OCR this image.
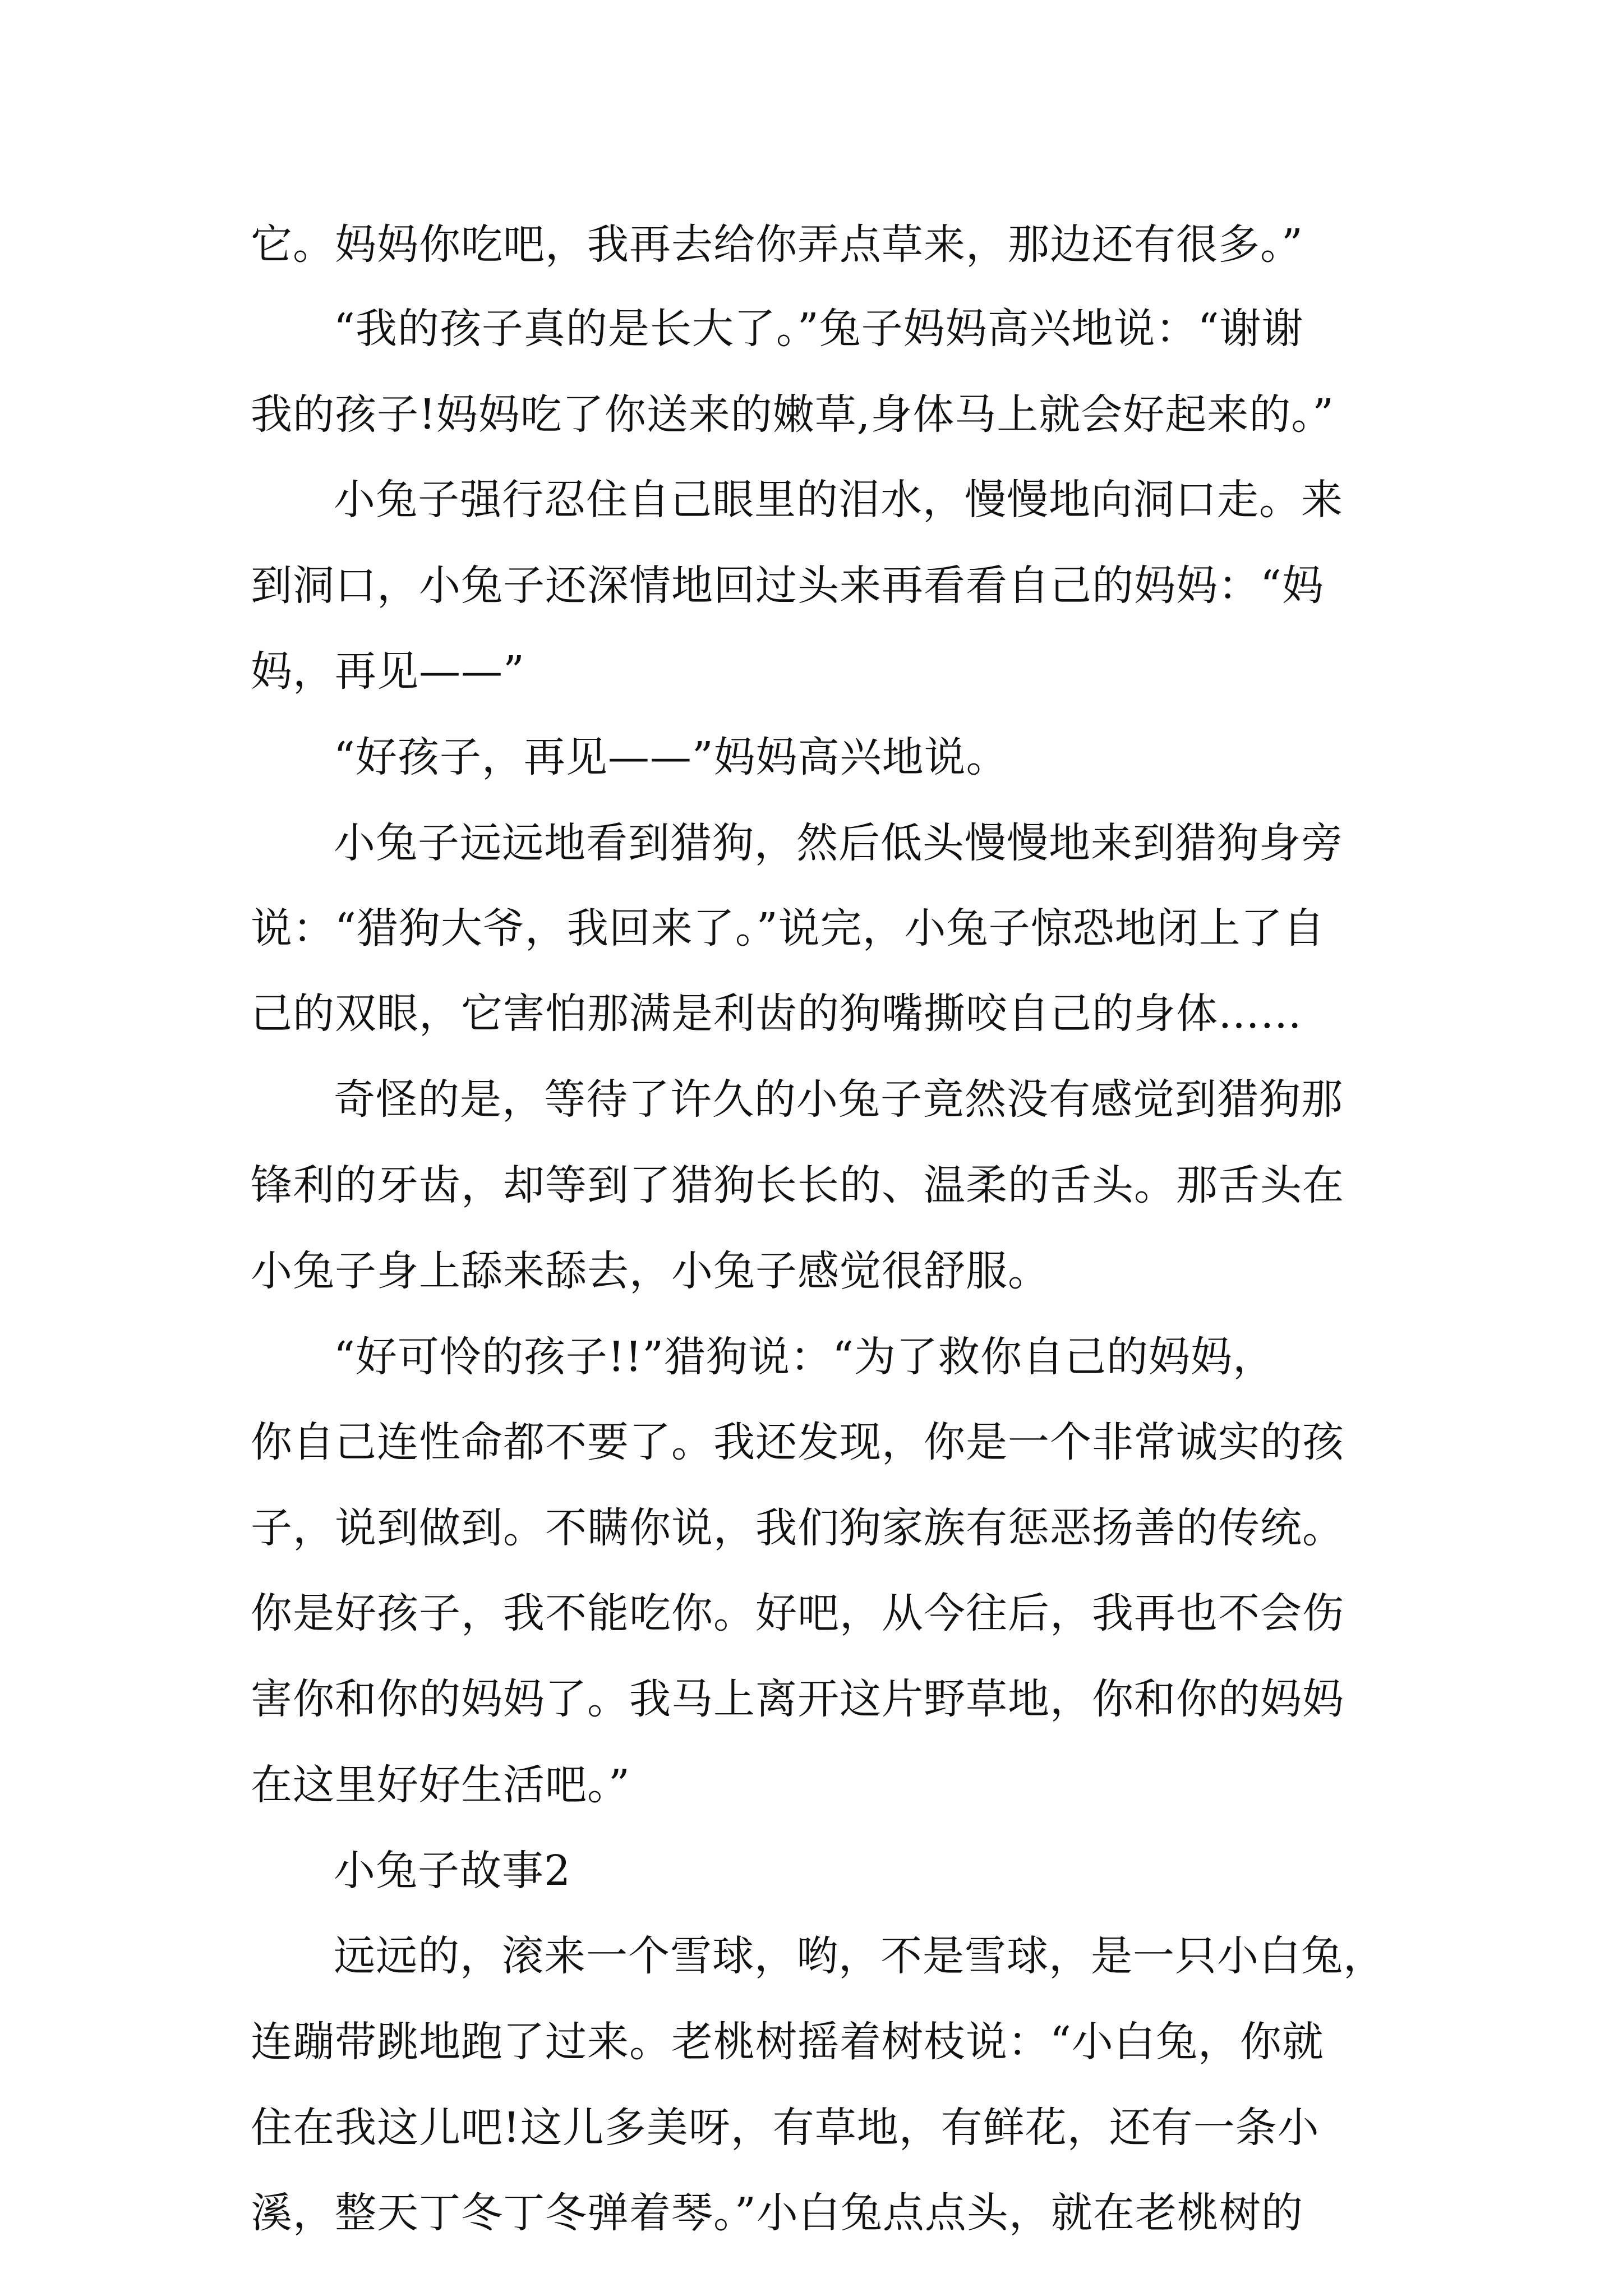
它。妈妈你吃吧，我再去给你弄点草来，那边还有很多。”

“我的孩子真的是长大了。”兔子妈妈高兴地说：“谢谢

我的孩子!妈妈吃了你送来的嫩草,身体马上就会好起来的。”

小兔子强行忍住自己眼里的泪水，慢慢地向洞口走。来

到洞口，小兔子还深情地回过头来再看看自己的妈妈：“妈

妈，再见——”

“好孩子，再见——”妈妈高兴地说。

小兔子远远地看到猎狗，然后低头慢慢地来到猎狗身旁

说：“猎狗大爷，我回来了。”说完，小兔子惊恐地闭上了自

己的双眼，它害怕那满是利齿的狗嘴撕咬自己的身体……

奇怪的是，等待了许久的小兔子竟然没有感觉到猎狗那

锋利的牙齿，却等到了猎狗长长的、温柔的舌头。那舌头在

小兔子身上舔来舔去，小兔子感觉很舒服。

“好可怜的孩子!!”猎狗说：“为了救你自己的妈妈，

你自己连性命都不要了。我还发现，你是一个非常诚实的孩

子，说到做到。不瞒你说，我们狗家族有惩恶扬善的传统。

你是好孩子，我不能吃你。好吧，从今往后，我再也不会伤

害你和你的妈妈了。我马上离开这片野草地，你和你的妈妈

在这里好好生活吧。”

小兔子故事2

远远的，滚来一个雪球，哟，不是雪球，是一只小白兔，

连蹦带跳地跑了过来。老桃树摇着树枝说：“小白兔，你就

住在我这儿吧!这儿多美呀，有草地，有鲜花，还有一条小

溪，整天丁冬丁冬弹着琴。”小白兔点点头，就在老桃树的
